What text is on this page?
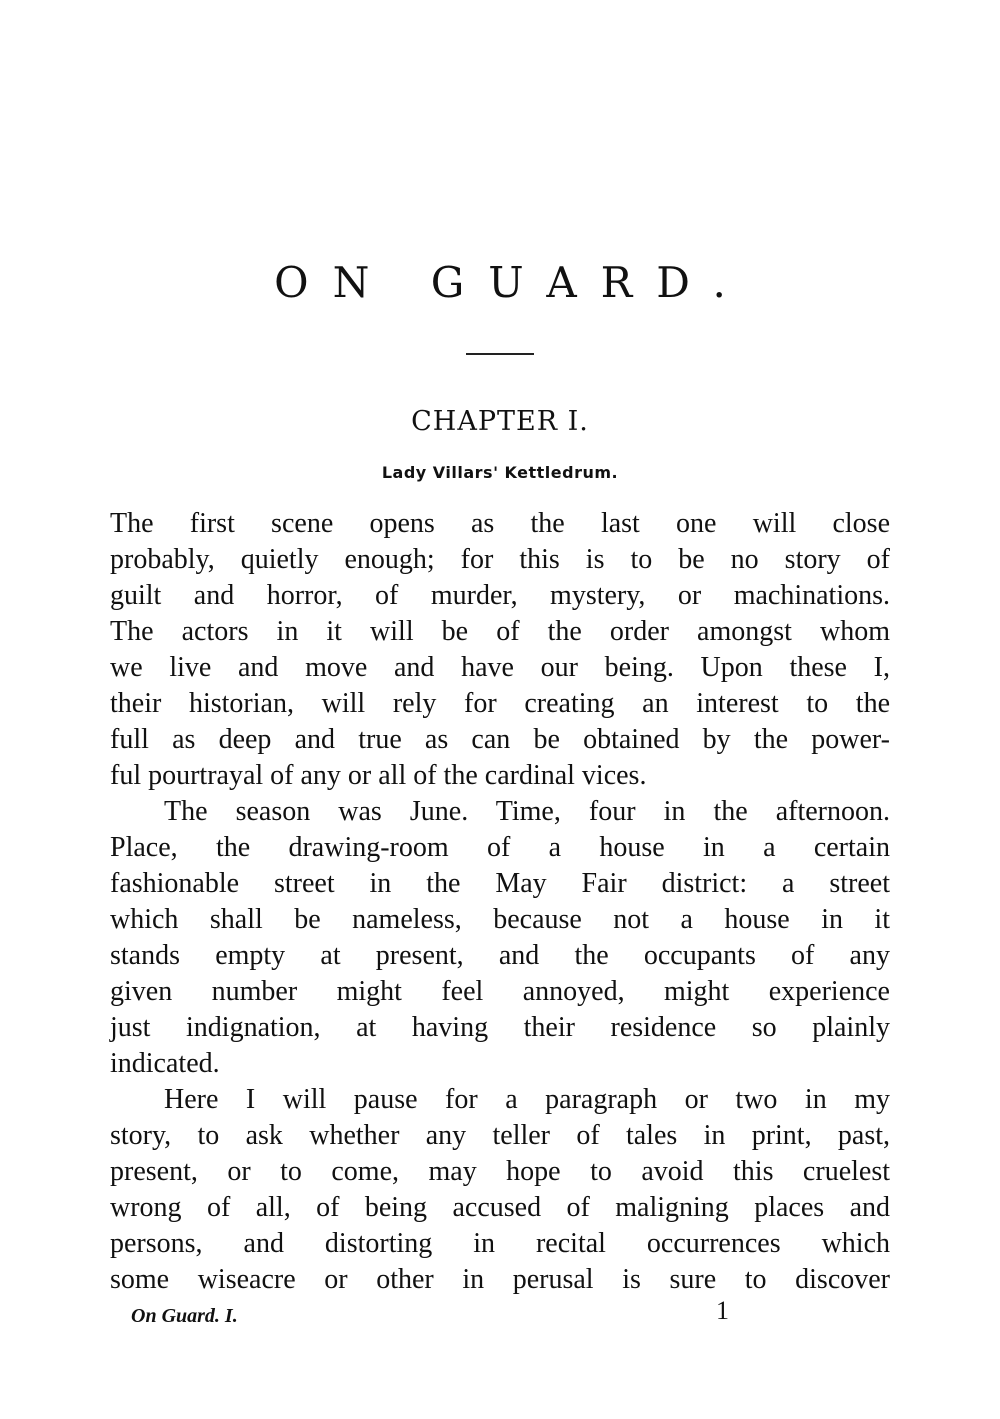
ON GUARD.
CHAPTER I.
Lady Villars' Kettledrum.
The first scene opens as the last one will close
probably, quietly enough; for this is to be no story of
guilt and horror, of murder, mystery, or machinations.
The actors in it will be of the order amongst whom
we live and move and have our being. Upon these I,
their historian, will rely for creating an interest to the
full as deep and true as can be obtained by the power-
ful pourtrayal of any or all of the cardinal vices.
The season was June. Time, four in the afternoon.
Place, the drawing-room of a house in a certain
fashionable street in the May Fair district: a street
which shall be nameless, because not a house in it
stands empty at present, and the occupants of any
given number might feel annoyed, might experience
just indignation, at having their residence so plainly
indicated.
Here I will pause for a paragraph or two in my
story, to ask whether any teller of tales in print, past,
present, or to come, may hope to avoid this cruelest
wrong of all, of being accused of maligning places and
persons, and distorting in recital occurrences which
some wiseacre or other in perusal is sure to discover
On Guard. I.	1
